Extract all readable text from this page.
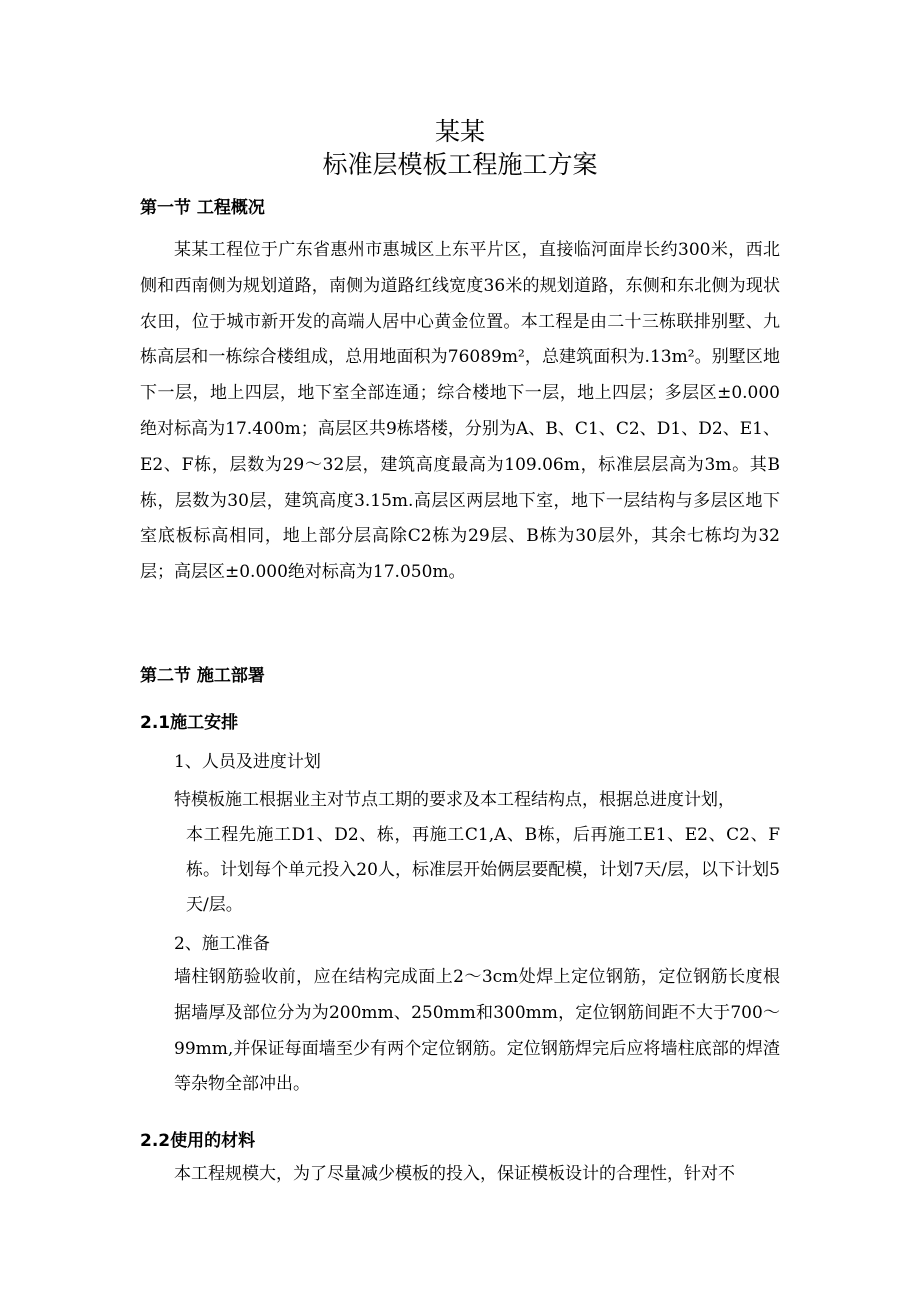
某某
标准层模板工程施工方案
第一节 工程概况

某某工程位于广东省惠州市惠城区上东平片区，直接临河面岸长约300米，西北侧和西南侧为规划道路，南侧为道路红线宽度36米的规划道路，东侧和东北侧为现状农田，位于城市新开发的高端人居中心黄金位置。本工程是由二十三栋联排别墅、九栋高层和一栋综合楼组成，总用地面积为76089m²，总建筑面积为.13m²。别墅区地下一层，地上四层，地下室全部连通；综合楼地下一层，地上四层；多层区±0.000绝对标高为17.400m；高层区共9栋塔楼，分别为A、B、C1、C2、D1、D2、E1、E2、F栋，层数为29～32层，建筑高度最高为109.06m，标准层层高为3m。其B栋，层数为30层，建筑高度3.15m.高层区两层地下室，地下一层结构与多层区地下室底板标高相同，地上部分层高除C2栋为29层、B栋为30层外，其余七栋均为32层；高层区±0.000绝对标高为17.050m。

第二节 施工部署
2.1施工安排
1、人员及进度计划

特模板施工根据业主对节点工期的要求及本工程结构点，根据总进度计划，
本工程先施工D1、D2、栋，再施工C1,A、B栋，后再施工E1、E2、C2、F栋。计划每个单元投入20人，标准层开始俩层要配模，计划7天/层，以下计划5天/层。

2、施工准备

墙柱钢筋验收前，应在结构完成面上2～3cm处焊上定位钢筋，定位钢筋长度根据墙厚及部位分为为200mm、250mm和300mm，定位钢筋间距不大于700～99mm,并保证每面墙至少有两个定位钢筋。定位钢筋焊完后应将墙柱底部的焊渣等杂物全部冲出。

2.2使用的材料

本工程规模大，为了尽量减少模板的投入，保证模板设计的合理性，针对不
